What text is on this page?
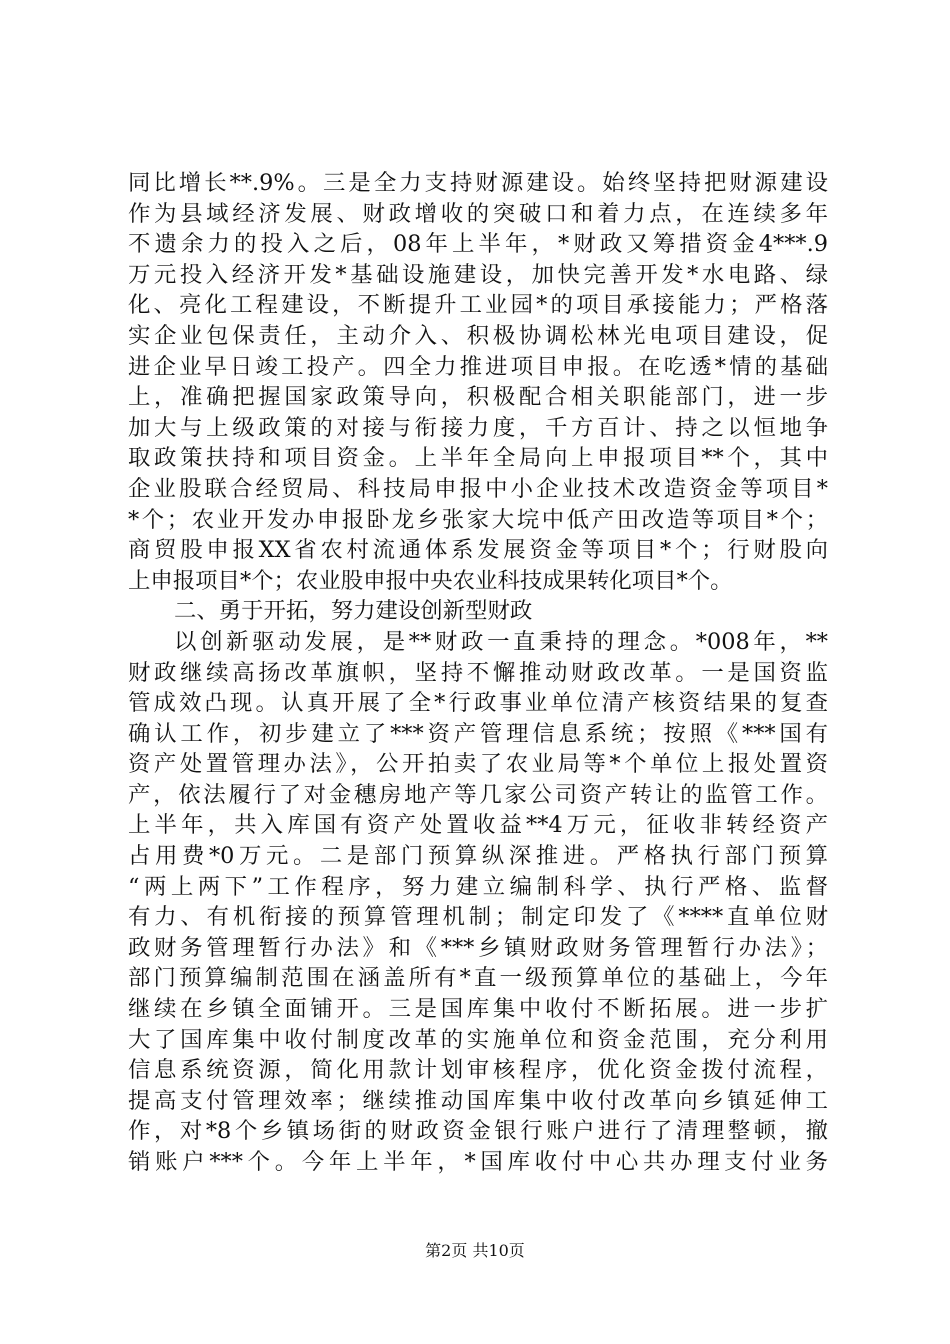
同比增长**.9%。三是全力支持财源建设。始终坚持把财源建设
作为县域经济发展、财政增收的突破口和着力点，在连续多年
不遗余力的投入之后，08年上半年，*财政又筹措资金4***.9
万元投入经济开发*基础设施建设，加快完善开发*水电路、绿
化、亮化工程建设，不断提升工业园*的项目承接能力；严格落
实企业包保责任，主动介入、积极协调松林光电项目建设，促
进企业早日竣工投产。四全力推进项目申报。在吃透*情的基础
上，准确把握国家政策导向，积极配合相关职能部门，进一步
加大与上级政策的对接与衔接力度，千方百计、持之以恒地争
取政策扶持和项目资金。上半年全局向上申报项目**个，其中
企业股联合经贸局、科技局申报中小企业技术改造资金等项目*
*个；农业开发办申报卧龙乡张家大垸中低产田改造等项目*个；
商贸股申报XX省农村流通体系发展资金等项目*个；行财股向
上申报项目*个；农业股申报中央农业科技成果转化项目*个。
二、勇于开拓，努力建设创新型财政
以创新驱动发展，是**财政一直秉持的理念。*008年，**
财政继续高扬改革旗帜，坚持不懈推动财政改革。一是国资监
管成效凸现。认真开展了全*行政事业单位清产核资结果的复查
确认工作，初步建立了***资产管理信息系统；按照《***国有
资产处置管理办法》，公开拍卖了农业局等*个单位上报处置资
产，依法履行了对金穗房地产等几家公司资产转让的监管工作。
上半年，共入库国有资产处置收益**4万元，征收非转经资产
占用费*0万元。二是部门预算纵深推进。严格执行部门预算
“两上两下”工作程序，努力建立编制科学、执行严格、监督
有力、有机衔接的预算管理机制；制定印发了《****直单位财
政财务管理暂行办法》和《***乡镇财政财务管理暂行办法》；
部门预算编制范围在涵盖所有*直一级预算单位的基础上，今年
继续在乡镇全面铺开。三是国库集中收付不断拓展。进一步扩
大了国库集中收付制度改革的实施单位和资金范围，充分利用
信息系统资源，简化用款计划审核程序，优化资金拨付流程，
提高支付管理效率；继续推动国库集中收付改革向乡镇延伸工
作，对*8个乡镇场街的财政资金银行账户进行了清理整顿，撤
销账户***个。今年上半年，*国库收付中心共办理支付业务
第2页 共10页
